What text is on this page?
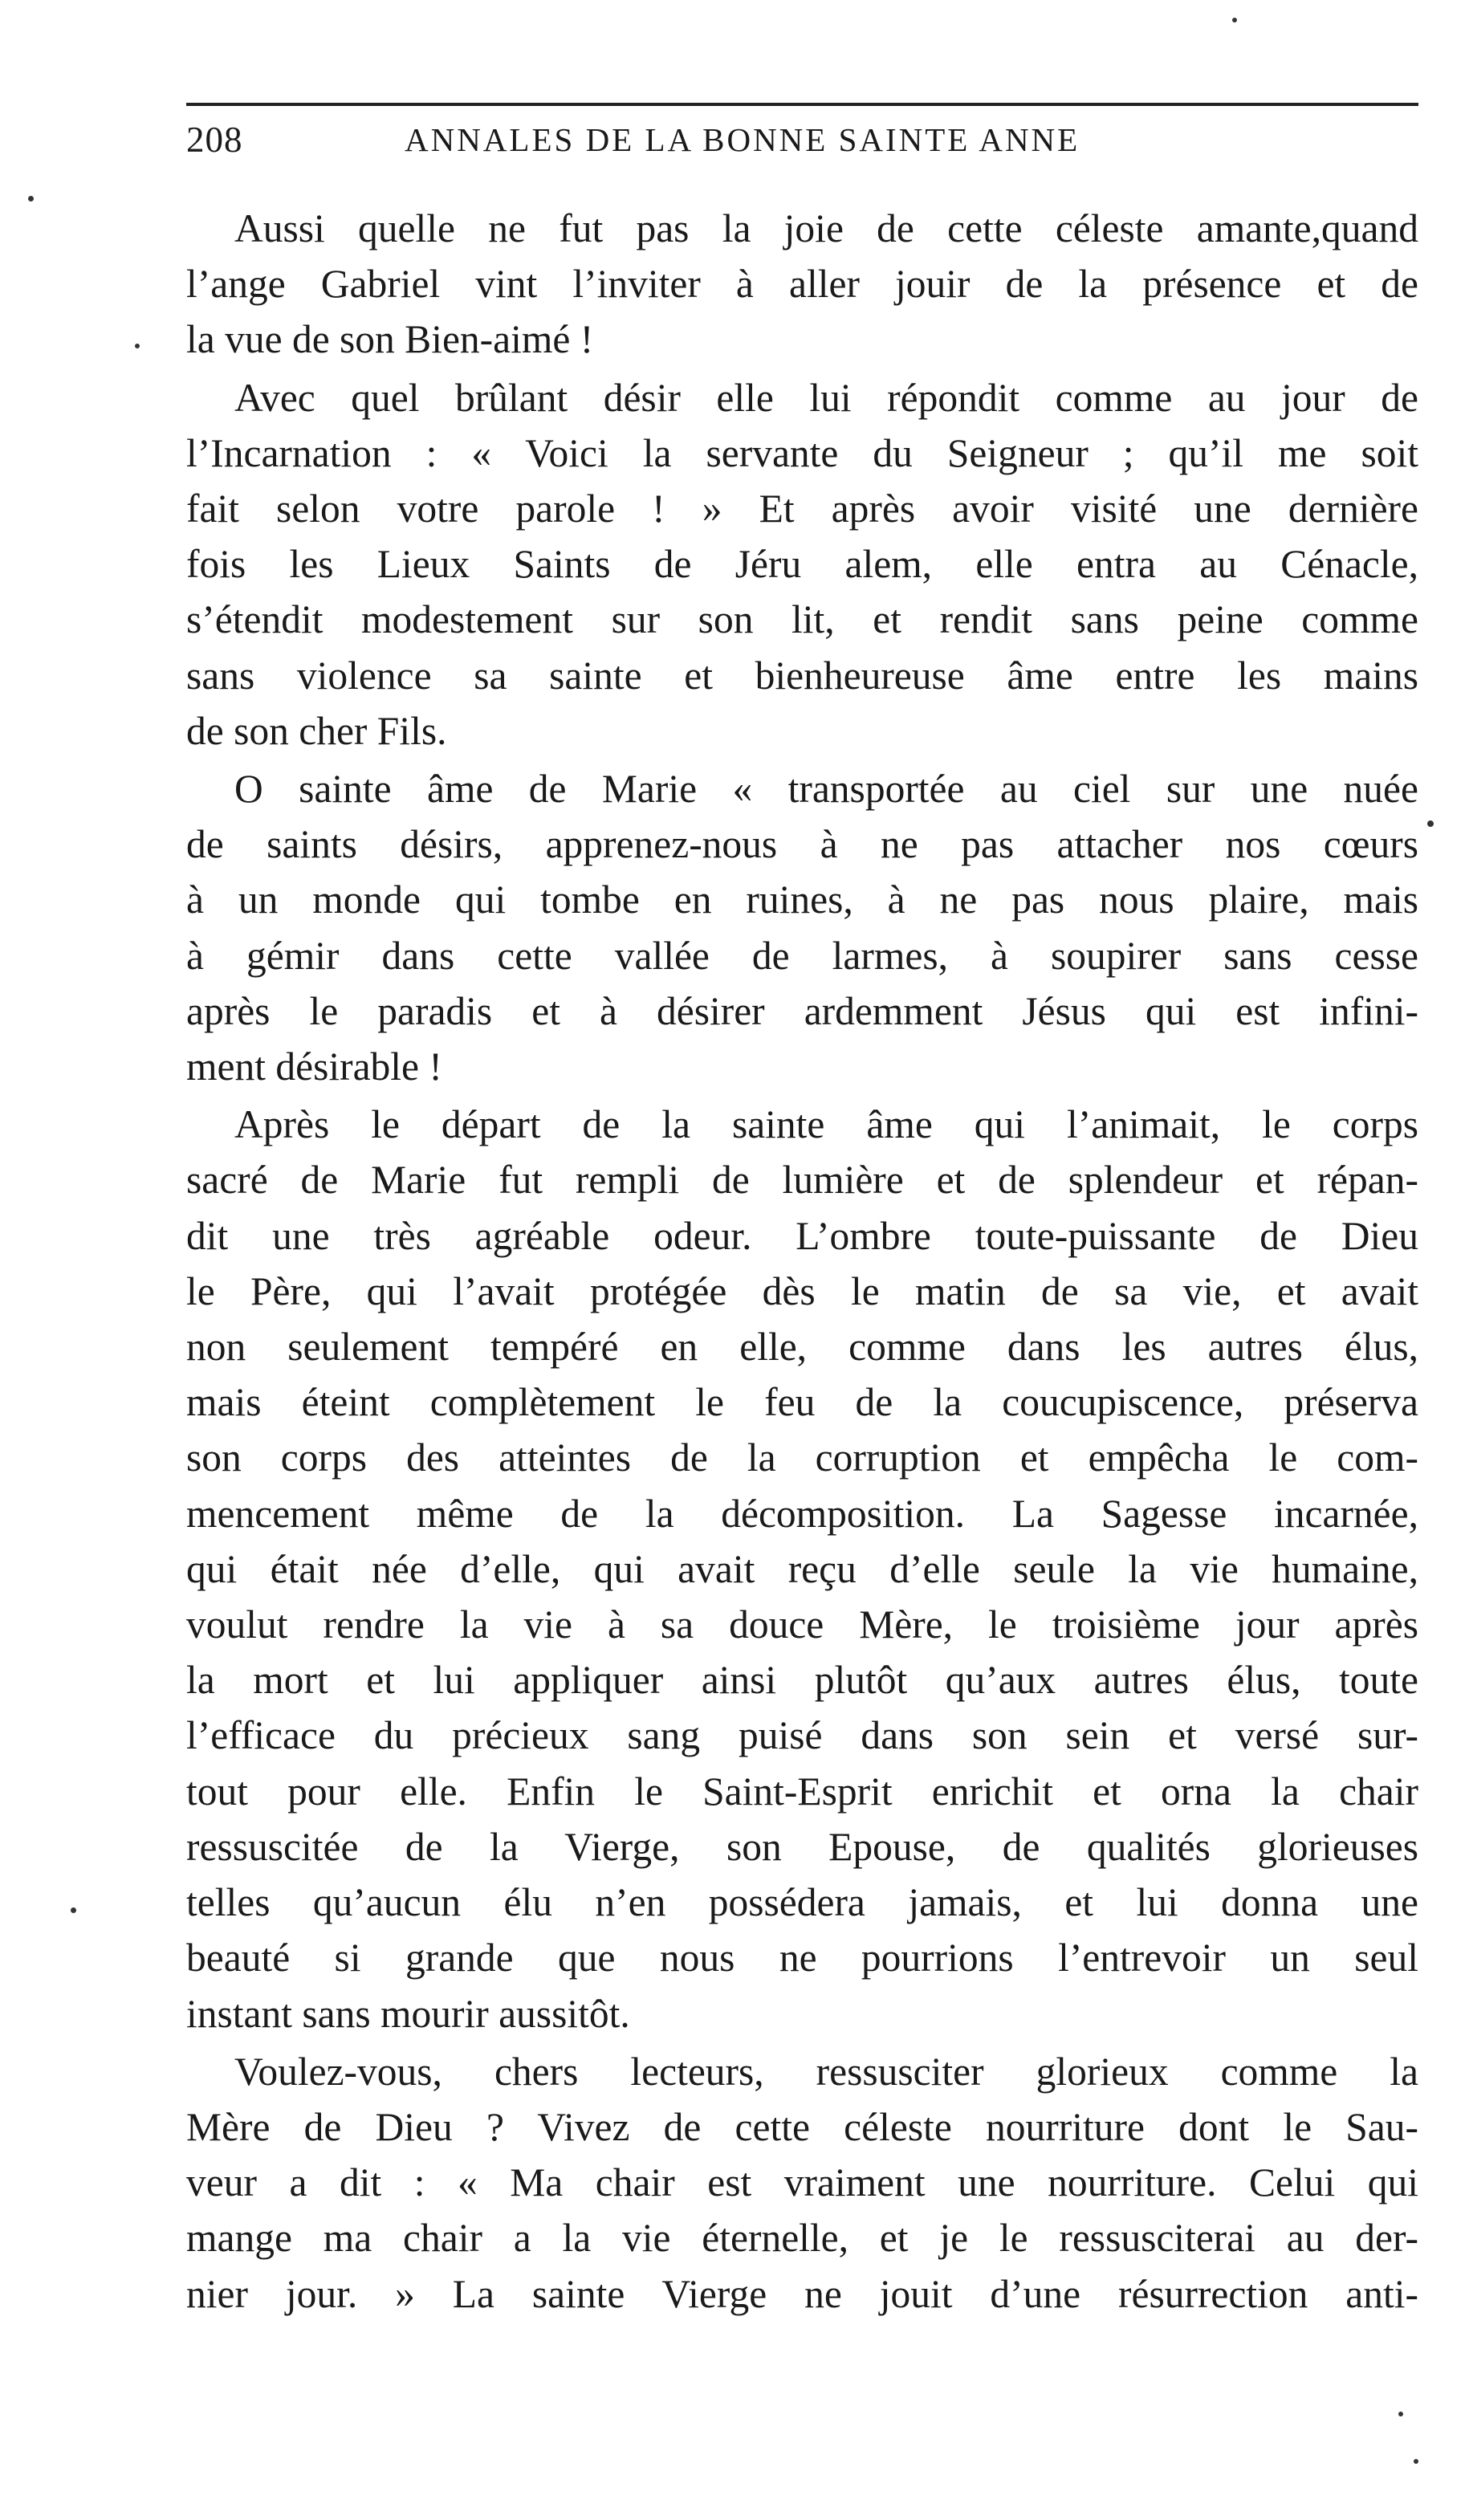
208	ANNALES DE LA BONNE SAINTE ANNE
Aussi quelle ne fut pas la joie de cette céleste amante,quand
l’ange Gabriel vint l’inviter à aller jouir de la présence et de
la vue de son Bien-aimé !
Avec quel brûlant désir elle lui répondit comme au jour de
l’Incarnation : « Voici la servante du Seigneur ; qu’il me soit
fait selon votre parole ! » Et après avoir visité une dernière
fois les Lieux Saints de Jéru alem, elle entra au Cénacle,
s’étendit modestement sur son lit, et rendit sans peine comme
sans violence sa sainte et bienheureuse âme entre les mains
de son cher Fils.
O sainte âme de Marie « transportée au ciel sur une nuée
de saints désirs, apprenez-nous à ne pas attacher nos cœurs
à un monde qui tombe en ruines, à ne pas nous plaire, mais
à gémir dans cette vallée de larmes, à soupirer sans cesse
après le paradis et à désirer ardemment Jésus qui est infini-
ment désirable !
Après le départ de la sainte âme qui l’animait, le corps
sacré de Marie fut rempli de lumière et de splendeur et répan-
dit une très agréable odeur. L’ombre toute-puissante de Dieu
le Père, qui l’avait protégée dès le matin de sa vie, et avait
non seulement tempéré en elle, comme dans les autres élus,
mais éteint complètement le feu de la coucupiscence, préserva
son corps des atteintes de la corruption et empêcha le com-
mencement même de la décomposition. La Sagesse incarnée,
qui était née d’elle, qui avait reçu d’elle seule la vie humaine,
voulut rendre la vie à sa douce Mère, le troisième jour après
la mort et lui appliquer ainsi plutôt qu’aux autres élus, toute
l’efficace du précieux sang puisé dans son sein et versé sur-
tout pour elle. Enfin le Saint-Esprit enrichit et orna la chair
ressuscitée de la Vierge, son Epouse, de qualités glorieuses
telles qu’aucun élu n’en possédera jamais, et lui donna une
beauté si grande que nous ne pourrions l’entrevoir un seul
instant sans mourir aussitôt.
Voulez-vous, chers lecteurs, ressusciter glorieux comme la
Mère de Dieu ? Vivez de cette céleste nourriture dont le Sau-
veur a dit : « Ma chair est vraiment une nourriture. Celui qui
mange ma chair a la vie éternelle, et je le ressusciterai au der-
nier jour. » La sainte Vierge ne jouit d’une résurrection anti-
